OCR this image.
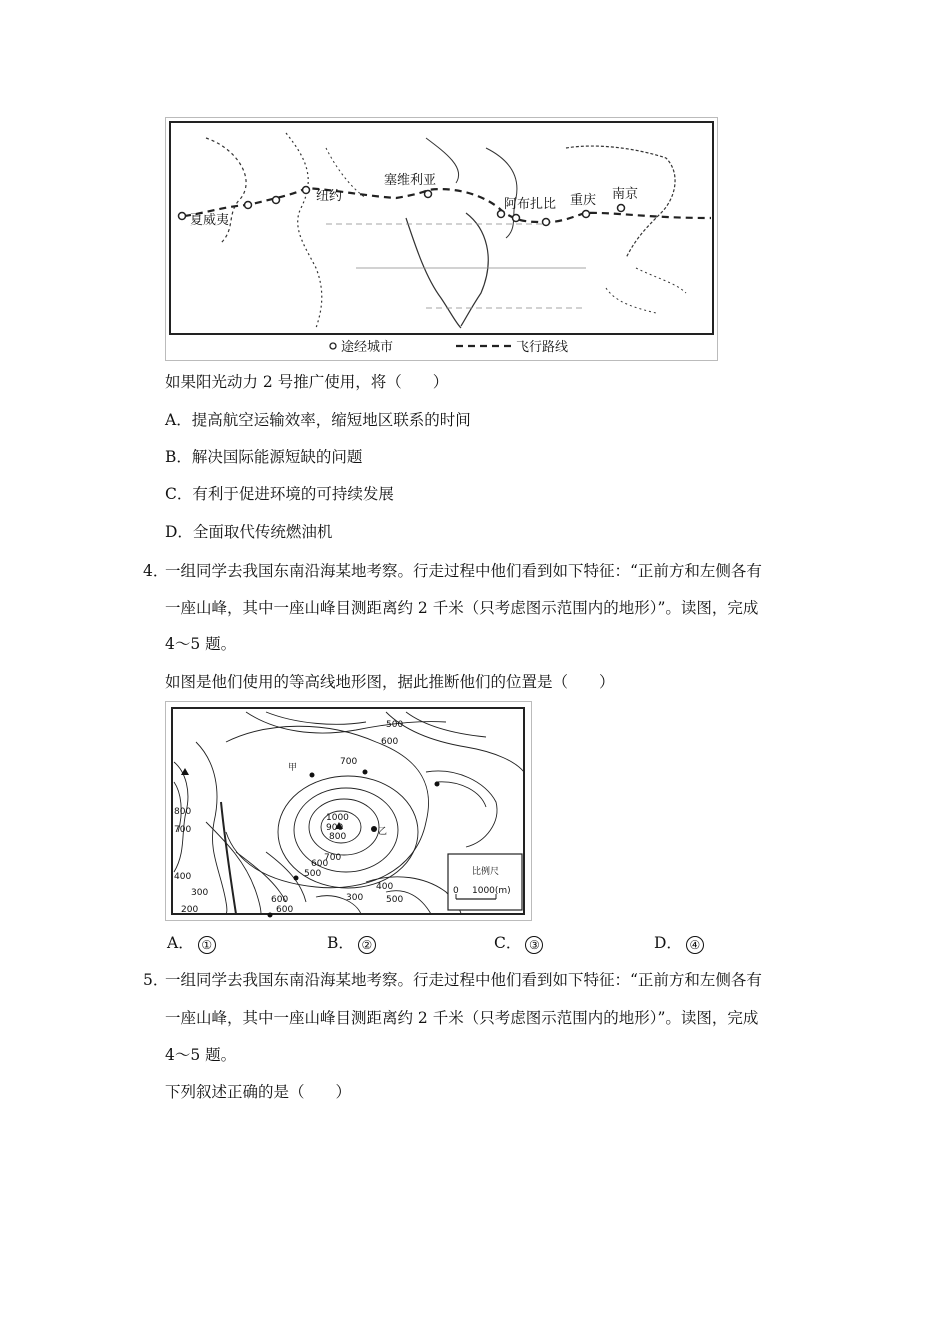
夏威夷
纽约
塞维利亚
阿布扎比 重庆 南京
途经城市	飞行路线
如果阳光动力 2 号推广使用，将（　　）
A．提高航空运输效率，缩短地区联系的时间
B．解决国际能源短缺的问题
C．有利于促进环境的可持续发展
D．全面取代传统燃油机
4．
一组同学去我国东南沿海某地考察。行走过程中他们看到如下特征：“正前方和左侧各有
一座山峰，其中一座山峰目测距离约 2 千米（只考虑图示范围内的地形）”。读图，完成
4～5 题。
如图是他们使用的等高线地形图，据此推断他们的位置是（　　）
500
600
700
甲
1000
900
800	乙
700
600
500
400
300
200
400
300
600
600
500
700
800
比例尺
0 1000(m)
A． ①	B． ②	C． ③	D． ④
5．
一组同学去我国东南沿海某地考察。行走过程中他们看到如下特征：“正前方和左侧各有
一座山峰，其中一座山峰目测距离约 2 千米（只考虑图示范围内的地形）”。读图，完成
4～5 题。
下列叙述正确的是（　　）
